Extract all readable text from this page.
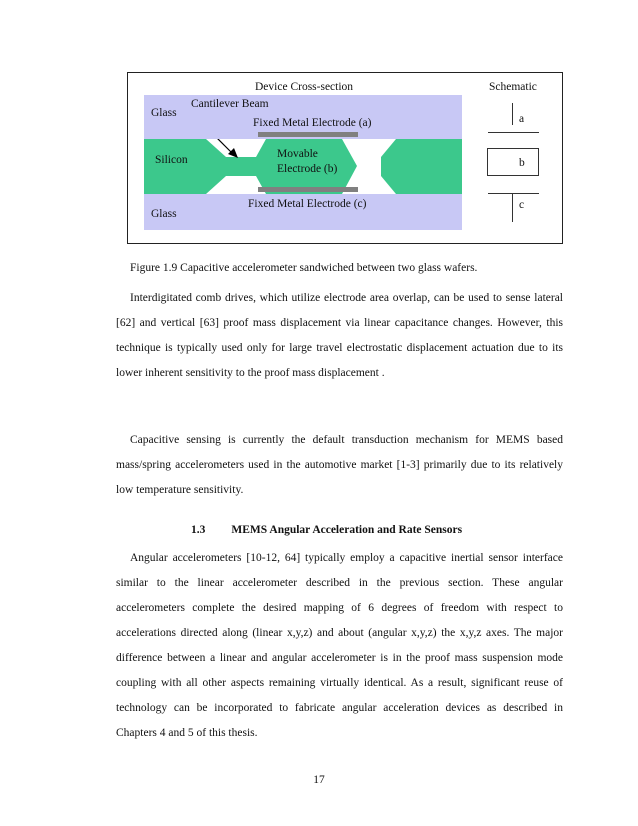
Device Cross-section	Schematic
Glass
Cantilever Beam
Fixed Metal Electrode (a)
Silicon	Movable
Electrode (b)
Fixed Metal Electrode (c)
Glass
a
b
c
Figure 1.9 Capacitive accelerometer sandwiched between two glass wafers.

Interdigitated comb drives, which utilize electrode area overlap, can be used to sense lateral [62] and vertical [63] proof mass displacement via linear capacitance changes. However, this technique is typically used only for large travel electrostatic displacement actuation due to its lower inherent sensitivity to the proof mass displacement .

Capacitive sensing is currently the default transduction mechanism for MEMS based mass/spring accelerometers used in the automotive market [1-3] primarily due to its relatively low temperature sensitivity.

1.3 MEMS Angular Acceleration and Rate Sensors

Angular accelerometers [10-12, 64] typically employ a capacitive inertial sensor interface similar to the linear accelerometer described in the previous section. These angular accelerometers complete the desired mapping of 6 degrees of freedom with respect to accelerations directed along (linear x,y,z) and about (angular x,y,z) the x,y,z axes. The major difference between a linear and angular accelerometer is in the proof mass suspension mode coupling with all other aspects remaining virtually identical. As a result, significant reuse of technology can be incorporated to fabricate angular acceleration devices as described in Chapters 4 and 5 of this thesis.

17
